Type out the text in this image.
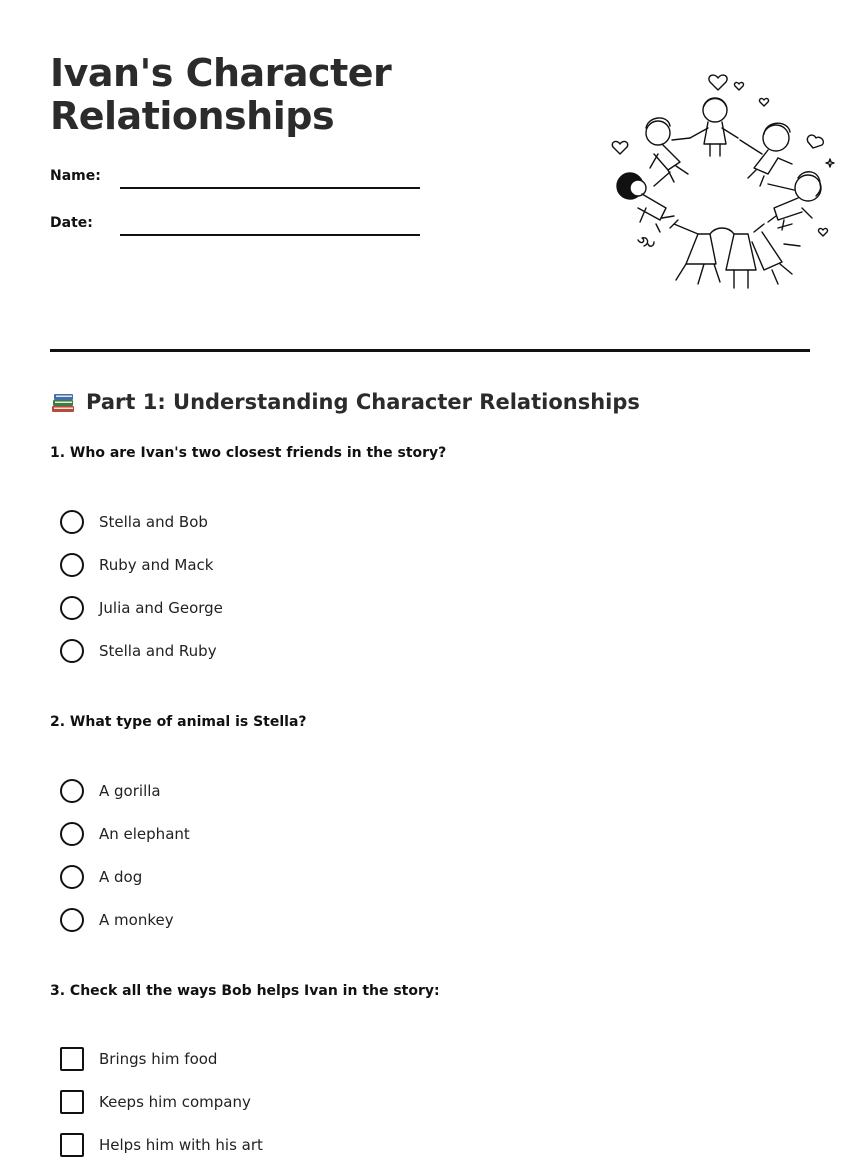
Ivan's Character Relationships
Name:
Date:
Part 1: Understanding Character Relationships
1. Who are Ivan's two closest friends in the story?
Stella and Bob
Ruby and Mack
Julia and George
Stella and Ruby
2. What type of animal is Stella?
A gorilla
An elephant
A dog
A monkey
3. Check all the ways Bob helps Ivan in the story:
Brings him food
Keeps him company
Helps him with his art
